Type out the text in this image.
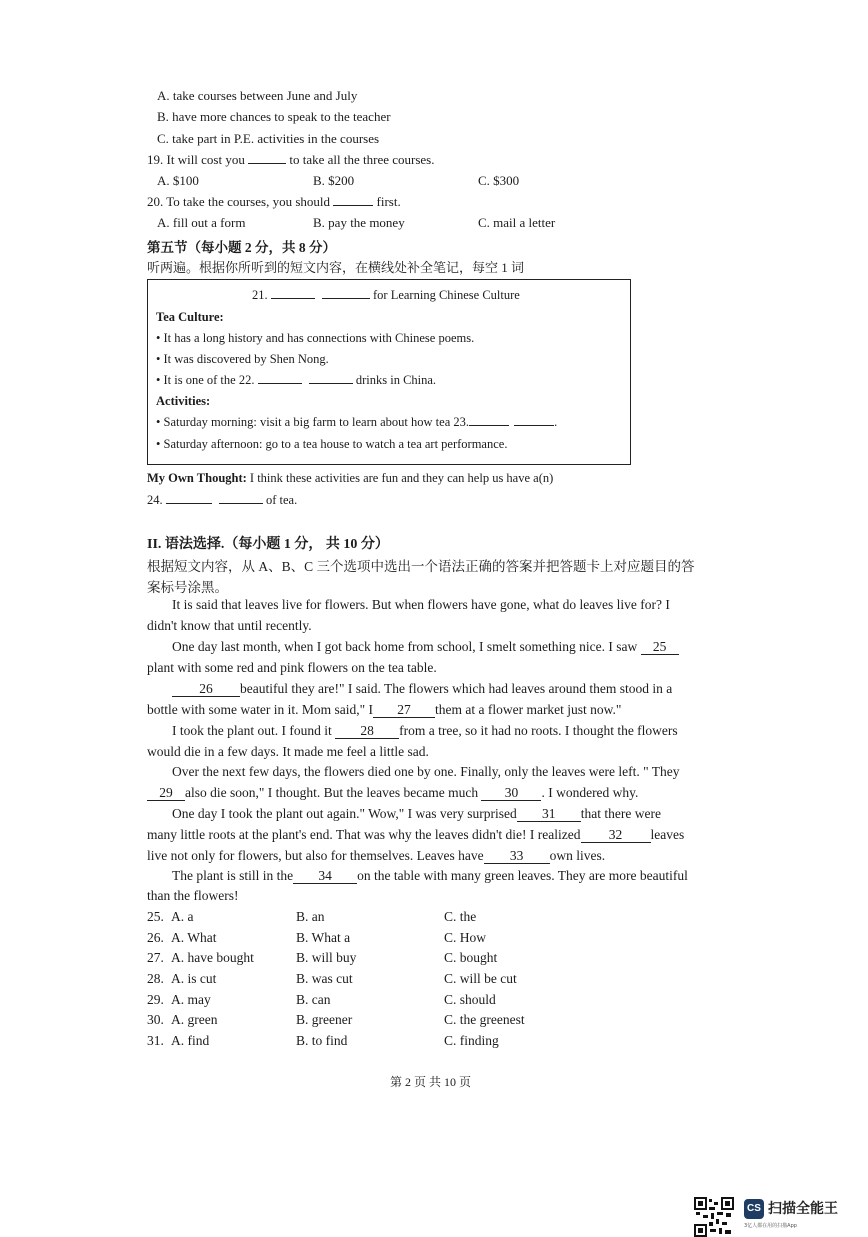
A. take courses between June and July
B. have more chances to speak to the teacher
C. take part in P.E. activities in the courses
19. It will cost you	to take all the three courses.
A. $100	B. $200	C. $300
20. To take the courses, you should	first.
A. fill out a form	B. pay the money	C. mail a letter
第五节（每小题 2 分，共 8 分）
听两遍。根据你所听到的短文内容，在横线处补全笔记，每空 1 词
21.	for Learning Chinese Culture
Tea Culture:
• It has a long history and has connections with Chinese poems.
• It was discovered by Shen Nong.
• It is one of the 22.	drinks in China.
Activities:
• Saturday morning: visit a big farm to learn about how tea 23.	.
• Saturday afternoon: go to a tea house to watch a tea art performance.
My Own Thought: I think these activities are fun and they can help us have a(n)
24.	of tea.
II. 语法选择.（每小题 1 分， 共 10 分）
根据短文内容，从 A、B、C 三个选项中选出一个语法正确的答案并把答题卡上对应题目的答
案标号涂黑。
It is said that leaves live for flowers. But when flowers have gone, what do leaves live for? I
didn't know that until recently.
One day last month, when I got back home from school, I smelt something nice. I saw 25
plant with some red and pink flowers on the tea table.
26 beautiful they are!" I said. The flowers which had leaves around them stood in a
bottle with some water in it. Mom said," I 27 them at a flower market just now."
I took the plant out. I found it 28 from a tree, so it had no roots. I thought the flowers
would die in a few days. It made me feel a little sad.
Over the next few days, the flowers died one by one. Finally, only the leaves were left. " They
29 also die soon," I thought. But the leaves became much 30 . I wondered why.
One day I took the plant out again." Wow," I was very surprised 31 that there were
many little roots at the plant's end. That was why the leaves didn't die! I realized 32 leaves
live not only for flowers, but also for themselves. Leaves have 33 own lives.
The plant is still in the 34 on the table with many green leaves. They are more beautiful
than the flowers!
25. A. a	B. an	C. the
26. A. What	B. What a	C. How
27. A. have bought	B. will buy	C. bought
28. A. is cut	B. was cut	C. will be cut
29. A. may	B. can	C. should
30. A. green	B. greener	C. the greenest
31. A. find	B. to find	C. finding
第 2 页 共 10 页
CS 扫描全能王
3亿人都在用的扫描App
